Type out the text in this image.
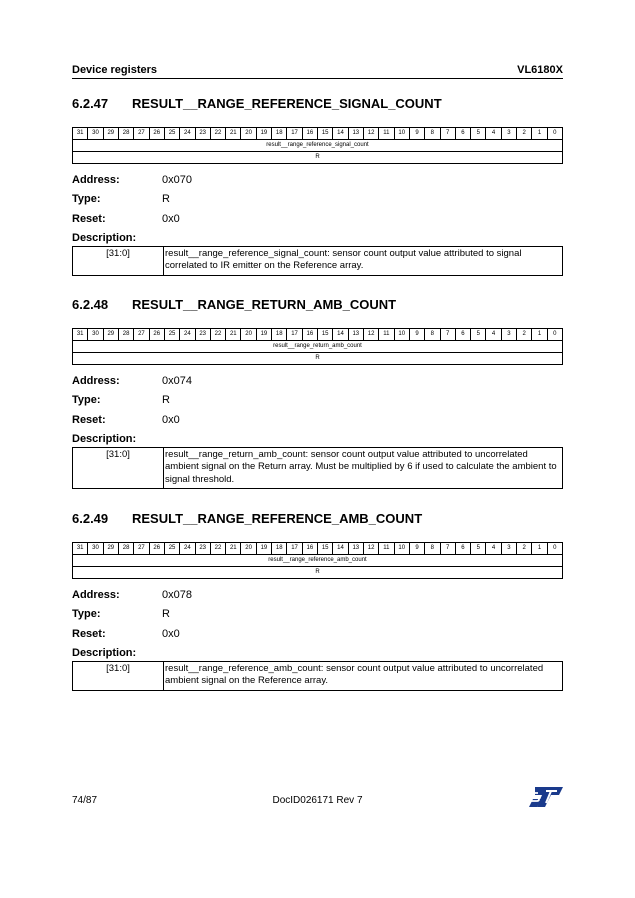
Device registers	VL6180X
6.2.47 RESULT__RANGE_REFERENCE_SIGNAL_COUNT
31	30	29	28	27	26	25	24	23	22	21	20	19	18	17	16	15	14	13	12	11	10	9	8	7	6	5	4	3	2	1	0
result__range_reference_signal_count
R
Address:	0x070
Type:	R
Reset:	0x0
Description:
[31:0]	result__range_reference_signal_count: sensor count output value attributed to signal correlated to IR emitter on the Reference array.
6.2.48 RESULT__RANGE_RETURN_AMB_COUNT
31	30	29	28	27	26	25	24	23	22	21	20	19	18	17	16	15	14	13	12	11	10	9	8	7	6	5	4	3	2	1	0
result__range_return_amb_count
R
Address:	0x074
Type:	R
Reset:	0x0
Description:
[31:0]	result__range_return_amb_count: sensor count output value attributed to uncorrelated ambient signal on the Return array. Must be multiplied by 6 if used to calculate the ambient to signal threshold.
6.2.49 RESULT__RANGE_REFERENCE_AMB_COUNT
31	30	29	28	27	26	25	24	23	22	21	20	19	18	17	16	15	14	13	12	11	10	9	8	7	6	5	4	3	2	1	0
result__range_reference_amb_count
R
Address:	0x078
Type:	R
Reset:	0x0
Description:
[31:0]	result__range_reference_amb_count: sensor count output value attributed to uncorrelated ambient signal on the Reference array.
74/87	DocID026171 Rev 7
